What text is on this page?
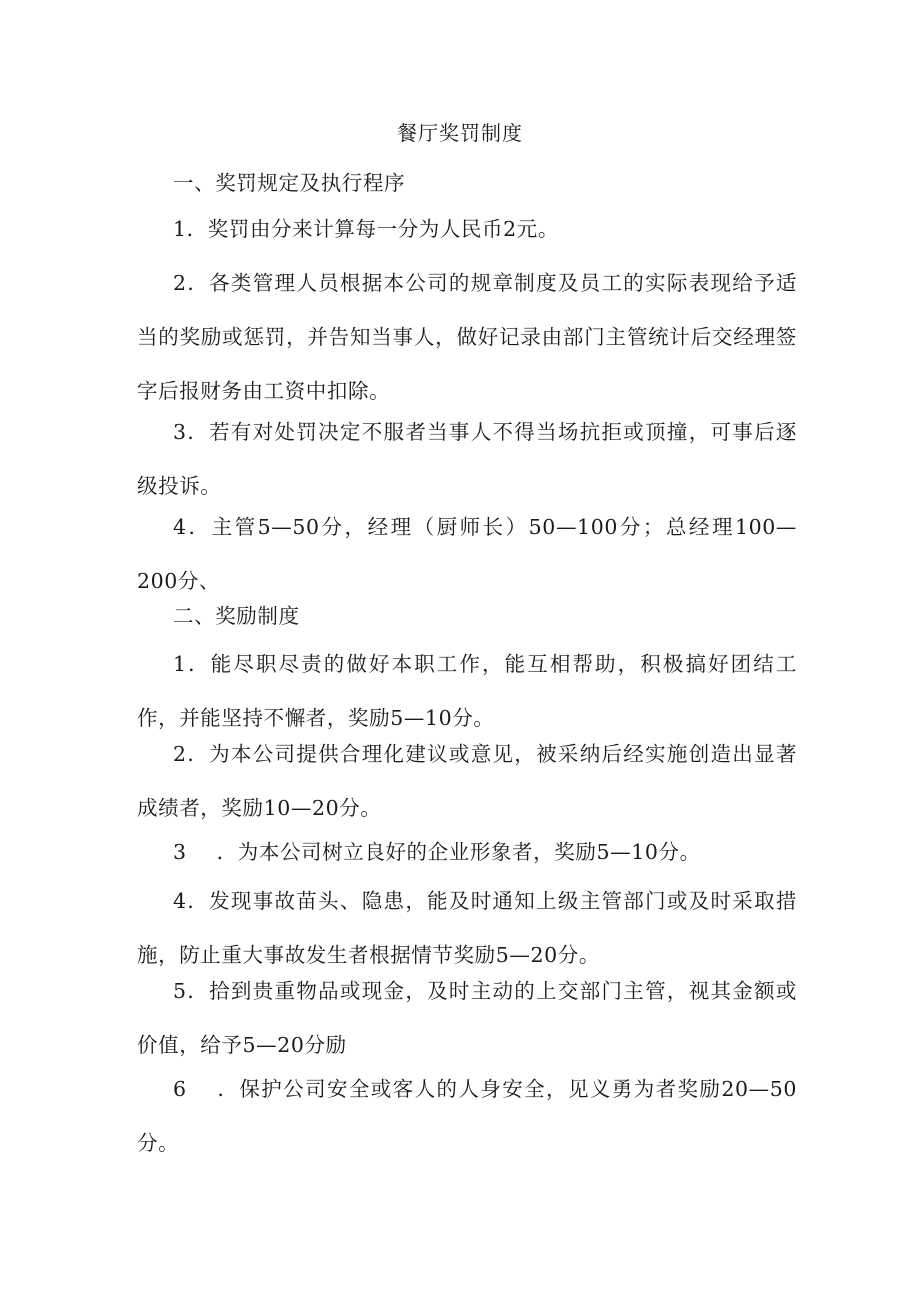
餐厅奖罚制度

一、奖罚规定及执行程序

1．奖罚由分来计算每一分为人民币2元。

2．各类管理人员根据本公司的规章制度及员工的实际表现给予适当的奖励或惩罚，并告知当事人，做好记录由部门主管统计后交经理签字后报财务由工资中扣除。

3．若有对处罚决定不服者当事人不得当场抗拒或顶撞，可事后逐级投诉。

4．主管5—50分，经理（厨师长）50—100分；总经理100—200分、

二、奖励制度

1．能尽职尽责的做好本职工作，能互相帮助，积极搞好团结工作，并能坚持不懈者，奖励5—10分。

2．为本公司提供合理化建议或意见，被采纳后经实施创造出显著成绩者，奖励10—20分。

3 ．为本公司树立良好的企业形象者，奖励5—10分。

4．发现事故苗头、隐患，能及时通知上级主管部门或及时采取措施，防止重大事故发生者根据情节奖励5—20分。

5．拾到贵重物品或现金，及时主动的上交部门主管，视其金额或价值，给予5—20分励

6 ．保护公司安全或客人的人身安全，见义勇为者奖励20—50分。
